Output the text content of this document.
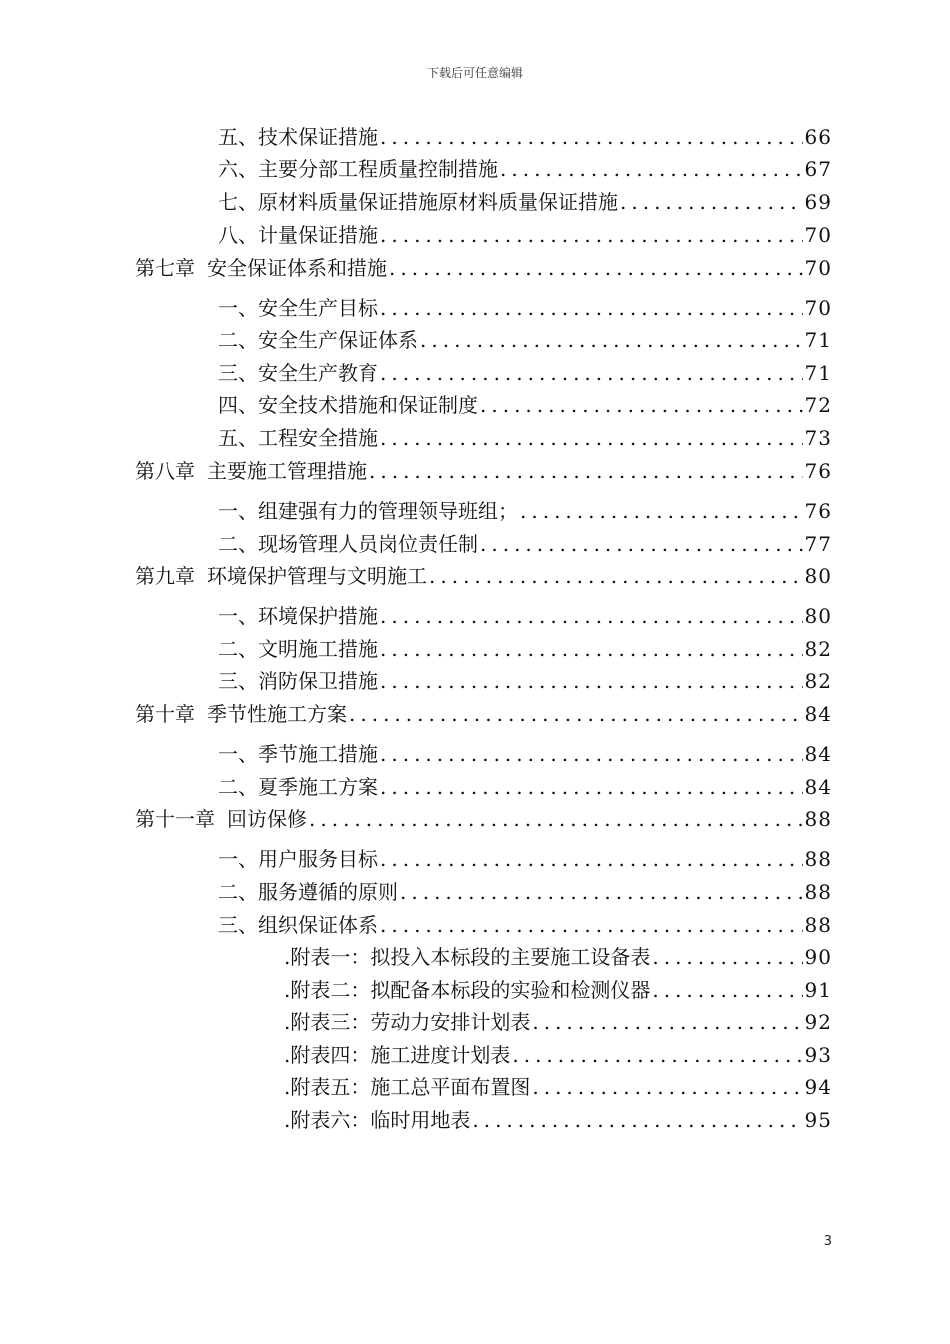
下载后可任意编辑
五、 技术保证措施 .....	66
六、 主要分部工程质量控制措施 .....	67
七、 原材料质量保证措施原材料质量保证措施 .....	69
八、 计量保证措施 .....	70
第七章 安全保证体系和措施 .....	70
一、 安全生产目标 .....	70
二、 安全生产保证体系 .....	71
三、 安全生产教育 .....	71
四、 安全技术措施和保证制度 .....	72
五、 工程安全措施 .....	73
第八章 主要施工管理措施 .....	76
一、 组建强有力的管理领导班组； .....	76
二、 现场管理人员岗位责任制 .....	77
第九章 环境保护管理与文明施工 .....	80
一、 环境保护措施 .....	80
二、 文明施工措施 .....	82
三、 消防保卫措施 .....	82
第十章 季节性施工方案 .....	84
一、 季节施工措施 .....	84
二、 夏季施工方案 .....	84
第十一章 回访保修 .....	88
一、 用户服务目标 .....	88
二、 服务遵循的原则 .....	88
三、 组织保证体系 .....	88
. 附表一：拟投入本标段的主要施工设备表 .....	90
. 附表二：拟配备本标段的实验和检测仪器 .....	91
. 附表三：劳动力安排计划表 .....	92
. 附表四：施工进度计划表 .....	93
. 附表五：施工总平面布置图 .....	94
. 附表六：临时用地表 .....	95
3
